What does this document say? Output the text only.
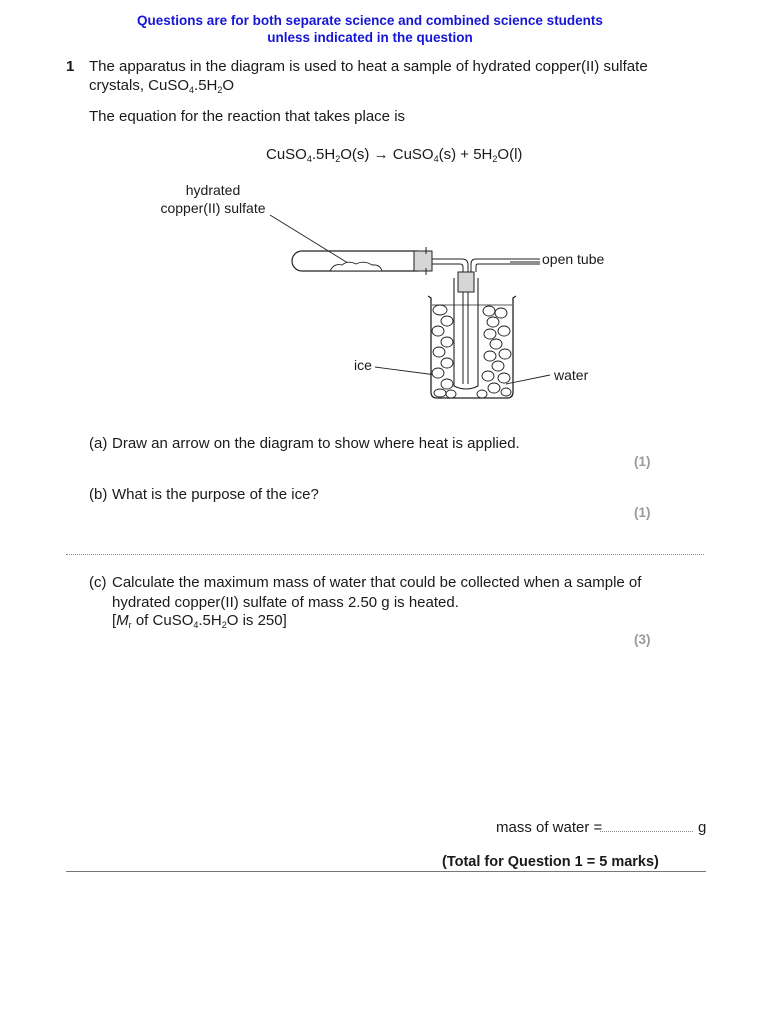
Questions are for both separate science and combined science students
unless indicated in the question
1 The apparatus in the diagram is used to heat a sample of hydrated copper(II) sulfate
crystals, $CuSO_4.5H_2O$
The equation for the reaction that takes place is
$CuSO_4.5H_2O(s)$ → CuSO$_4$(s) + $5H_2O(l)$
hydrated
copper(II) sulfate
open tube
ice
water
(a) Draw an arrow on the diagram to show where heat is applied.
(1)
(b) What is the purpose of the ice?
(1)
(c) Calculate the maximum mass of water that could be collected when a sample of
hydrated copper(II) sulfate of mass 2.50 g is heated.
[$M_r$ of $CuSO_4.5H_2O$ is 250]
(3)
mass of water =	g
(Total for Question 1 = 5 marks)
